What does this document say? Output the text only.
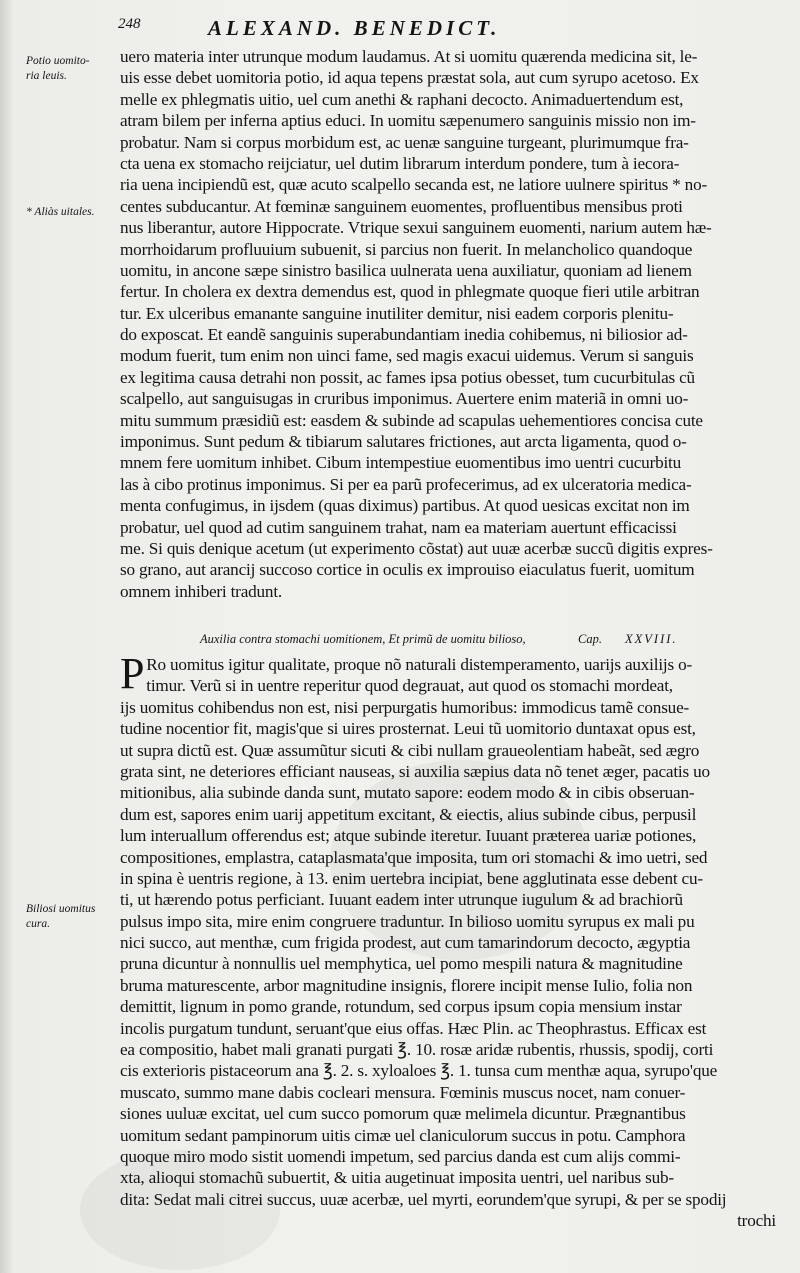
248	ALEXAND. BENEDICT.
Potio uomito-
ria leuis.
* Aliàs uitales.
Biliosi uomitus
cura.
uero materia inter utrunque modum laudamus. At si uomitu quærenda medicina sit, le-
uis esse debet uomitoria potio, id aqua tepens præstat sola, aut cum syrupo acetoso. Ex
melle ex phlegmatis uitio, uel cum anethi & raphani decocto. Animaduertendum est,
atram bilem per inferna aptius educi. In uomitu sæpenumero sanguinis missio non im-
probatur. Nam si corpus morbidum est, ac uenæ sanguine turgeant, plurimumque fra-
cta uena ex stomacho reijciatur, uel dutim librarum interdum pondere, tum à iecora-
ria uena incipiendũ est, quæ acuto scalpello secanda est, ne latiore uulnere spiritus * no-
centes subducantur. At fœminæ sanguinem euomentes, profluentibus mensibus proti
nus liberantur, autore Hippocrate. Vtrique sexui sanguinem euomenti, narium autem hæ-
morrhoidarum profluuium subuenit, si parcius non fuerit. In melancholico quandoque
uomitu, in ancone sæpe sinistro basilica uulnerata uena auxiliatur, quoniam ad lienem
fertur. In cholera ex dextra demendus est, quod in phlegmate quoque fieri utile arbitran
tur. Ex ulceribus emanante sanguine inutiliter demitur, nisi eadem corporis plenitu-
do exposcat. Et eandẽ sanguinis superabundantiam inedia cohibemus, ni biliosior ad-
modum fuerit, tum enim non uinci fame, sed magis exacui uidemus. Verum si sanguis
ex legitima causa detrahi non possit, ac fames ipsa potius obesset, tum cucurbitulas cũ
scalpello, aut sanguisugas in cruribus imponimus. Auertere enim materiã in omni uo-
mitu summum præsidiũ est: easdem & subinde ad scapulas uehementiores concisa cute
imponimus. Sunt pedum & tibiarum salutares frictiones, aut arcta ligamenta, quod o-
mnem fere uomitum inhibet. Cibum intempestiue euomentibus imo uentri cucurbitu
las à cibo protinus imponimus. Si per ea parũ profecerimus, ad ex ulceratoria medica-
menta confugimus, in ijsdem (quas diximus) partibus. At quod uesicas excitat non im
probatur, uel quod ad cutim sanguinem trahat, nam ea materiam auertunt efficacissi
me. Si quis denique acetum (ut experimento cõstat) aut uuæ acerbæ succũ digitis expres-
so grano, aut arancij succoso cortice in oculis ex improuiso eiaculatus fuerit, uomitum
omnem inhiberi tradunt.
Auxilia contra stomachi uomitionem, Et primũ de uomitu bilioso,	Cap. XXVIII.
P Ro uomitus igitur qualitate, proque nõ naturali distemperamento, uarijs auxilijs o-
timur. Verũ si in uentre reperitur quod degrauat, aut quod os stomachi mordeat,
ijs uomitus cohibendus non est, nisi perpurgatis humoribus: immodicus tamẽ consue-
tudine nocentior fit, magis'que si uires prosternat. Leui tũ uomitorio duntaxat opus est,
ut supra dictũ est. Quæ assumũtur sicuti & cibi nullam graueolentiam habeãt, sed ægro
grata sint, ne deteriores efficiant nauseas, si auxilia sæpius data nõ tenet æger, pacatis uo
mitionibus, alia subinde danda sunt, mutato sapore: eodem modo & in cibis obseruan-
dum est, sapores enim uarij appetitum excitant, & eiectis, alius subinde cibus, perpusil
lum interuallum offerendus est; atque subinde iteretur. Iuuant præterea uariæ potiones,
compositiones, emplastra, cataplasmata'que imposita, tum ori stomachi & imo uetri, sed
in spina è uentris regione, à 13. enim uertebra incipiat, bene agglutinata esse debent cu-
ti, ut hærendo potus perficiant. Iuuant eadem inter utrunque iugulum & ad brachiorũ
pulsus impo sita, mire enim congruere traduntur. In bilioso uomitu syrupus ex mali pu
nici succo, aut menthæ, cum frigida prodest, aut cum tamarindorum decocto, ægyptia
pruna dicuntur à nonnullis uel memphytica, uel pomo mespili natura & magnitudine
bruma maturescente, arbor magnitudine insignis, florere incipit mense Iulio, folia non
demittit, lignum in pomo grande, rotundum, sed corpus ipsum copia mensium instar
incolis purgatum tundunt, seruant'que eius offas. Hæc Plin. ac Theophrastus. Efficax est
ea compositio, habet mali granati purgati ℥. 10. rosæ aridæ rubentis, rhussis, spodij, corti
cis exterioris pistaceorum ana ℥. 2. s. xyloaloes ℥. 1. tunsa cum menthæ aqua, syrupo'que
muscato, summo mane dabis cocleari mensura. Fœminis muscus nocet, nam conuer-
siones uuluæ excitat, uel cum succo pomorum quæ melimela dicuntur. Prægnantibus
uomitum sedant pampinorum uitis cimæ uel claniculorum succus in potu. Camphora
quoque miro modo sistit uomendi impetum, sed parcius danda est cum alijs commi-
xta, alioqui stomachũ subuertit, & uitia augetinuat imposita uentri, uel naribus sub-
dita: Sedat mali citrei succus, uuæ acerbæ, uel myrti, eorundem'que syrupi, & per se spodij
trochi
